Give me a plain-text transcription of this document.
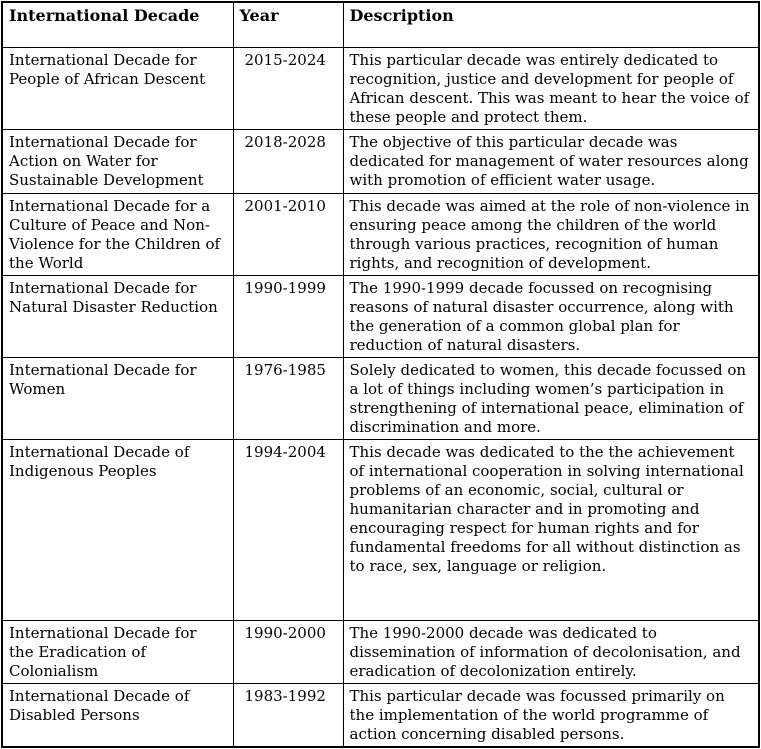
International Decade	Year	Description
International Decade for People of African Descent	2015-2024	This particular decade was entirely dedicated to recognition, justice and development for people of African descent. This was meant to hear the voice of these people and protect them.
International Decade for Action on Water for Sustainable Development	2018-2028	The objective of this particular decade was dedicated for management of water resources along with promotion of efficient water usage.
International Decade for a Culture of Peace and Non-Violence for the Children of the World	2001-2010	This decade was aimed at the role of non-violence in ensuring peace among the children of the world through various practices, recognition of human rights, and recognition of development.
International Decade for Natural Disaster Reduction	1990-1999	The 1990-1999 decade focussed on recognising reasons of natural disaster occurrence, along with the generation of a common global plan for reduction of natural disasters.
International Decade for Women	1976-1985	Solely dedicated to women, this decade focussed on a lot of things including women’s participation in strengthening of international peace, elimination of discrimination and more.
International Decade of Indigenous Peoples	1994-2004	This decade was dedicated to the the achievement of international cooperation in solving international problems of an economic, social, cultural or humanitarian character and in promoting and encouraging respect for human rights and for fundamental freedoms for all without distinction as to race, sex, language or religion.
International Decade for the Eradication of Colonialism	1990-2000	The 1990-2000 decade was dedicated to dissemination of information of decolonisation, and eradication of decolonization entirely.
International Decade of Disabled Persons	1983-1992	This particular decade was focussed primarily on the implementation of the world programme of action concerning disabled persons.
